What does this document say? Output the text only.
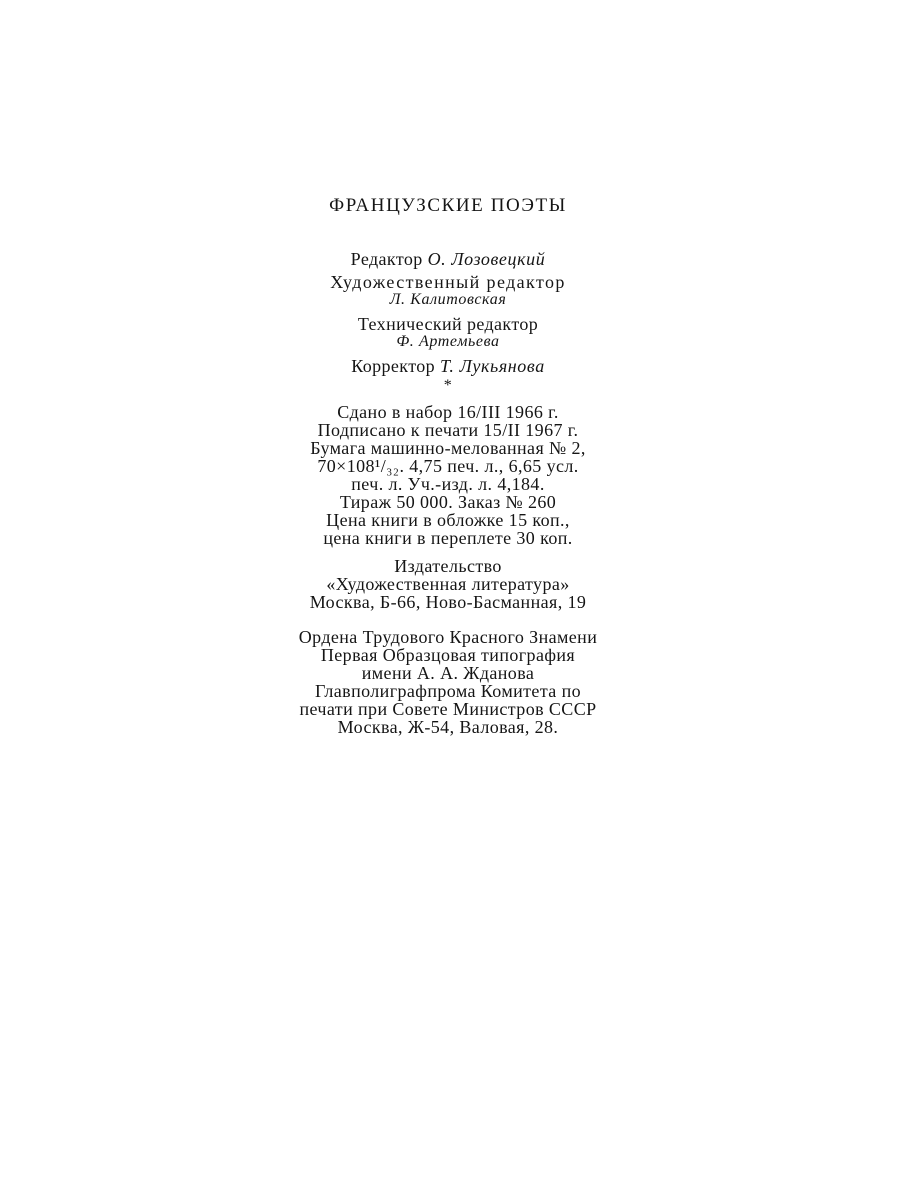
ФРАНЦУЗСКИЕ ПОЭТЫ
Редактор О. Лозовецкий
Художественный редактор
Л. Калитовская
Технический редактор
Ф. Артемьева
Корректор Т. Лукьянова
*
Сдано в набор 16/III 1966 г.
Подписано к печати 15/II 1967 г.
Бумага машинно-мелованная № 2,
70×108¹/₃₂. 4,75 печ. л., 6,65 усл.
печ. л. Уч.-изд. л. 4,184.
Тираж 50 000. Заказ № 260
Цена книги в обложке 15 коп.,
цена книги в переплете 30 коп.
Издательство
«Художественная литература»
Москва, Б-66, Ново-Басманная, 19
Ордена Трудового Красного Знамени
Первая Образцовая типография
имени А. А. Жданова
Главполиграфпрома Комитета по
печати при Совете Министров СССР
Москва, Ж-54, Валовая, 28.
